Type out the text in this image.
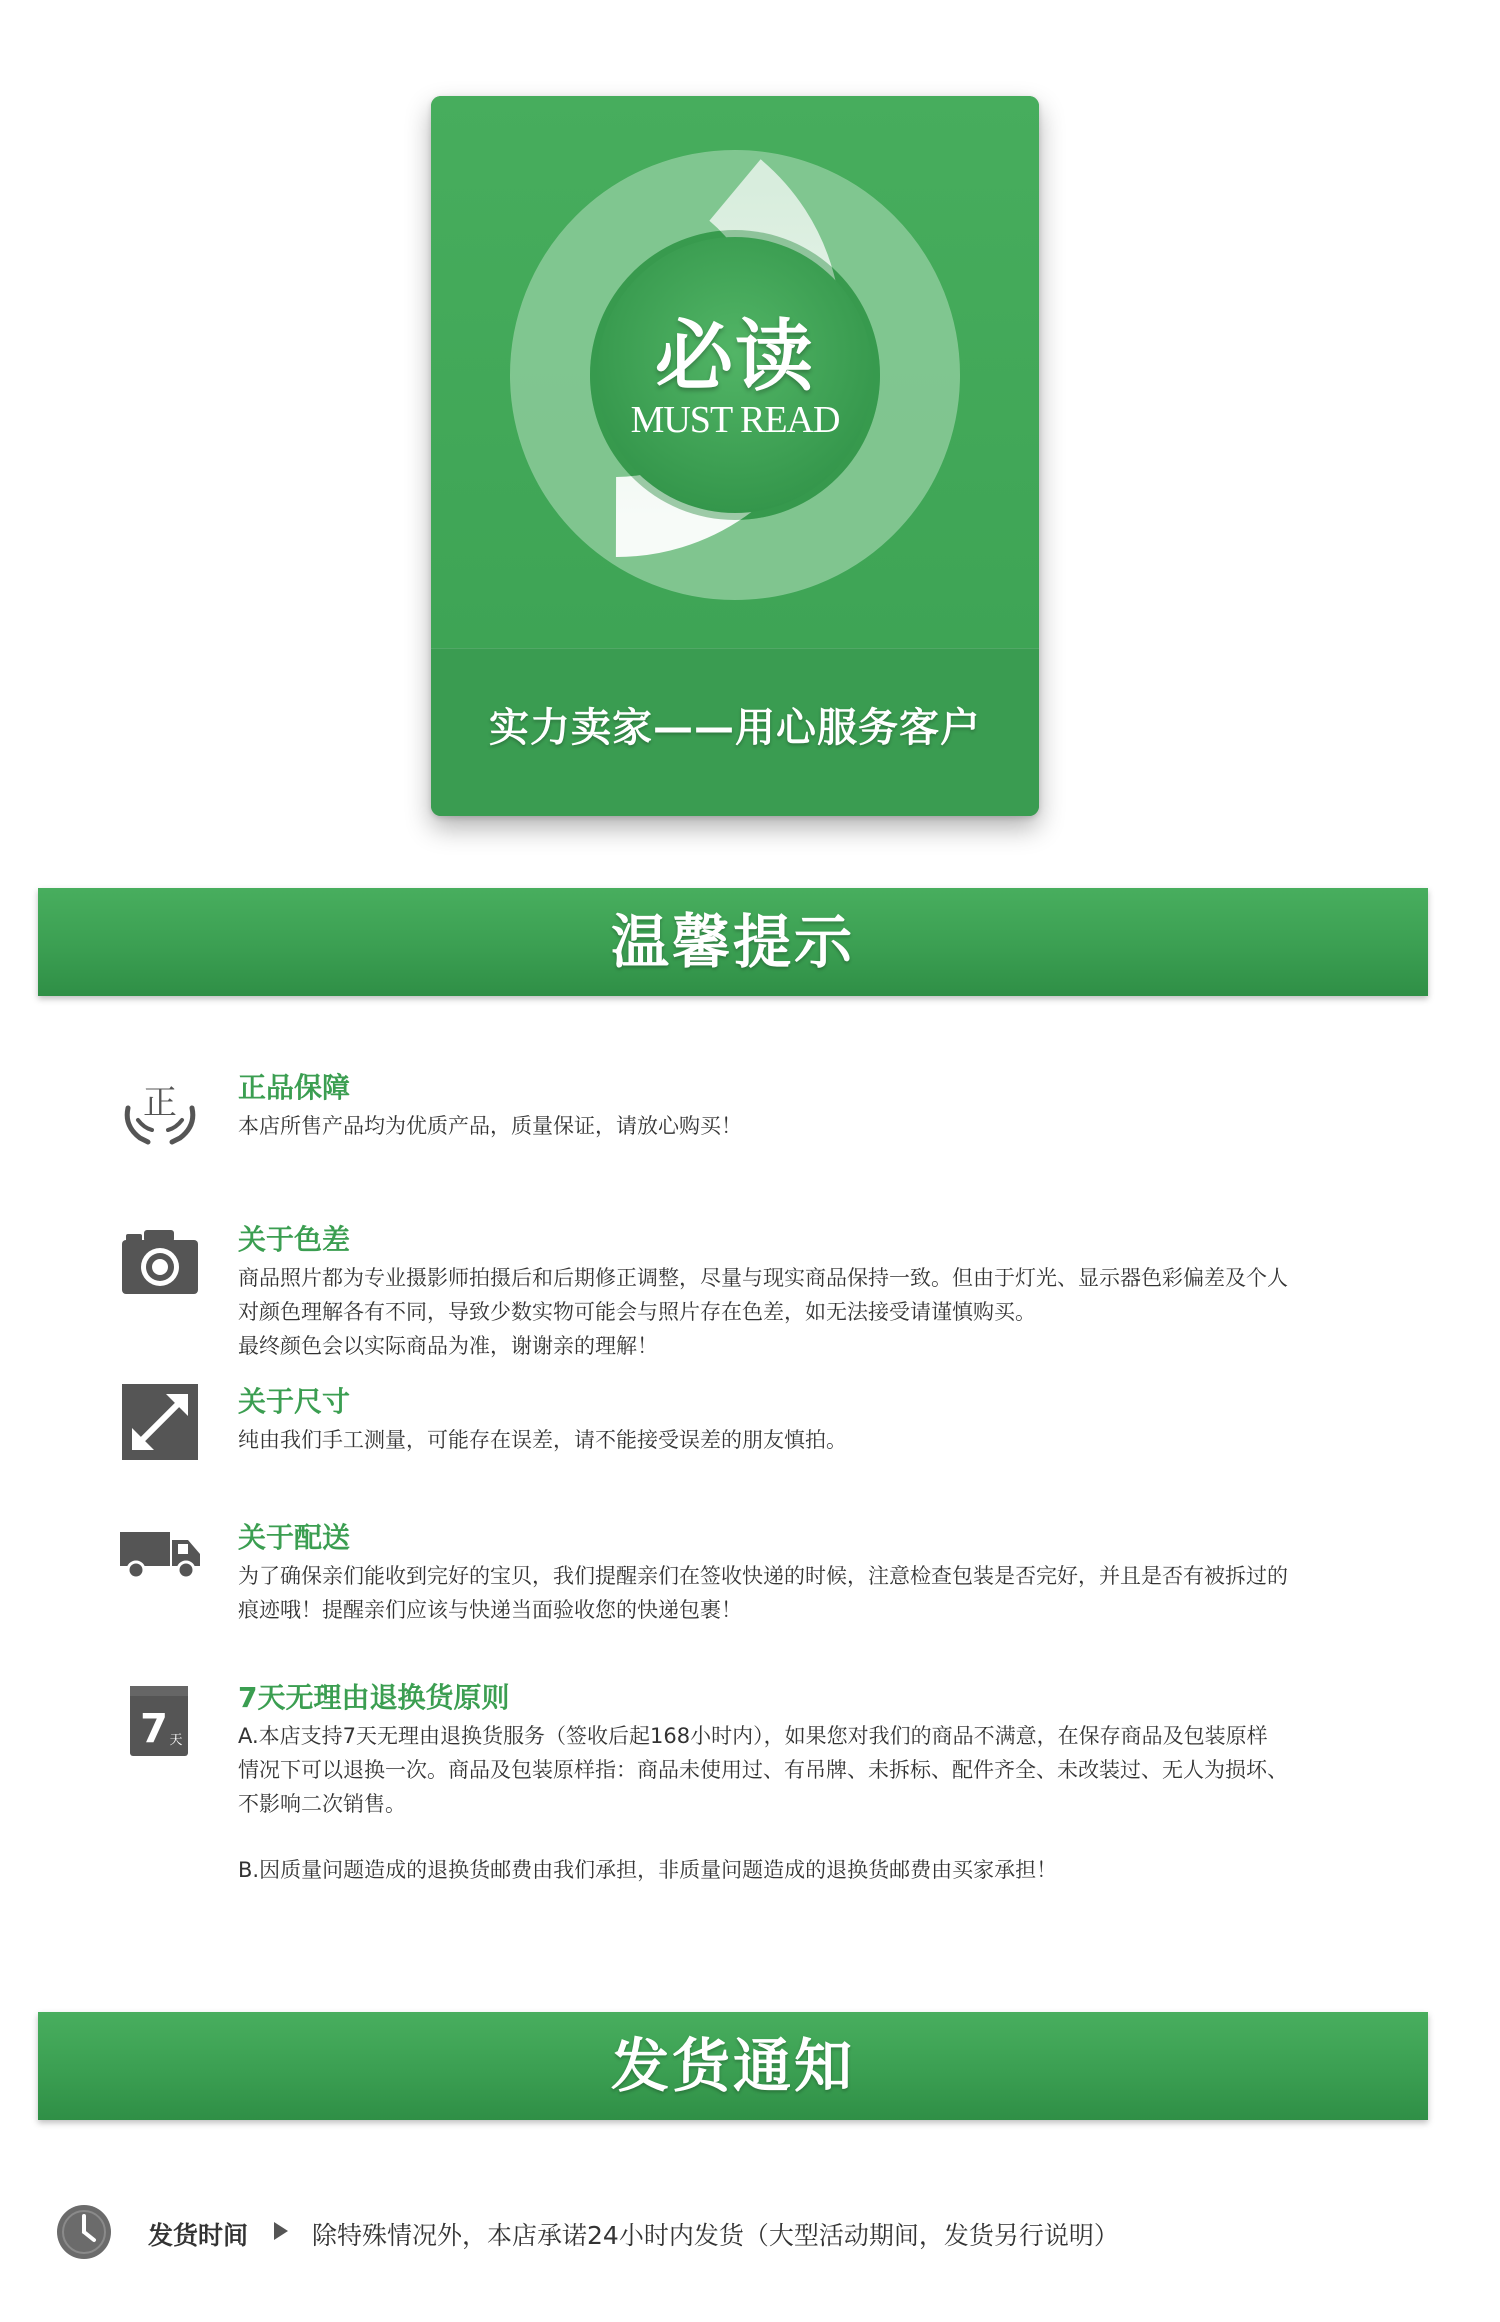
必读
MUST READ
实力卖家——用心服务客户
温馨提示
正 正品保障
本店所售产品均为优质产品，质量保证，请放心购买！
关于色差
商品照片都为专业摄影师拍摄后和后期修正调整，尽量与现实商品保持一致。但由于灯光、显示器色彩偏差及个人
对颜色理解各有不同，导致少数实物可能会与照片存在色差，如无法接受请谨慎购买。
最终颜色会以实际商品为准，谢谢亲的理解！
关于尺寸
纯由我们手工测量，可能存在误差，请不能接受误差的朋友慎拍。
关于配送
为了确保亲们能收到完好的宝贝，我们提醒亲们在签收快递的时候，注意检查包装是否完好，并且是否有被拆过的
痕迹哦！提醒亲们应该与快递当面验收您的快递包裹！
7 天
7天无理由退换货原则
A.本店支持7天无理由退换货服务（签收后起168小时内），如果您对我们的商品不满意，在保存商品及包装原样
情况下可以退换一次。商品及包装原样指：商品未使用过、有吊牌、未拆标、配件齐全、未改装过、无人为损坏、
不影响二次销售。
B.因质量问题造成的退换货邮费由我们承担，非质量问题造成的退换货邮费由买家承担！
发货通知
发货时间	除特殊情况外，本店承诺24小时内发货（大型活动期间，发货另行说明）
